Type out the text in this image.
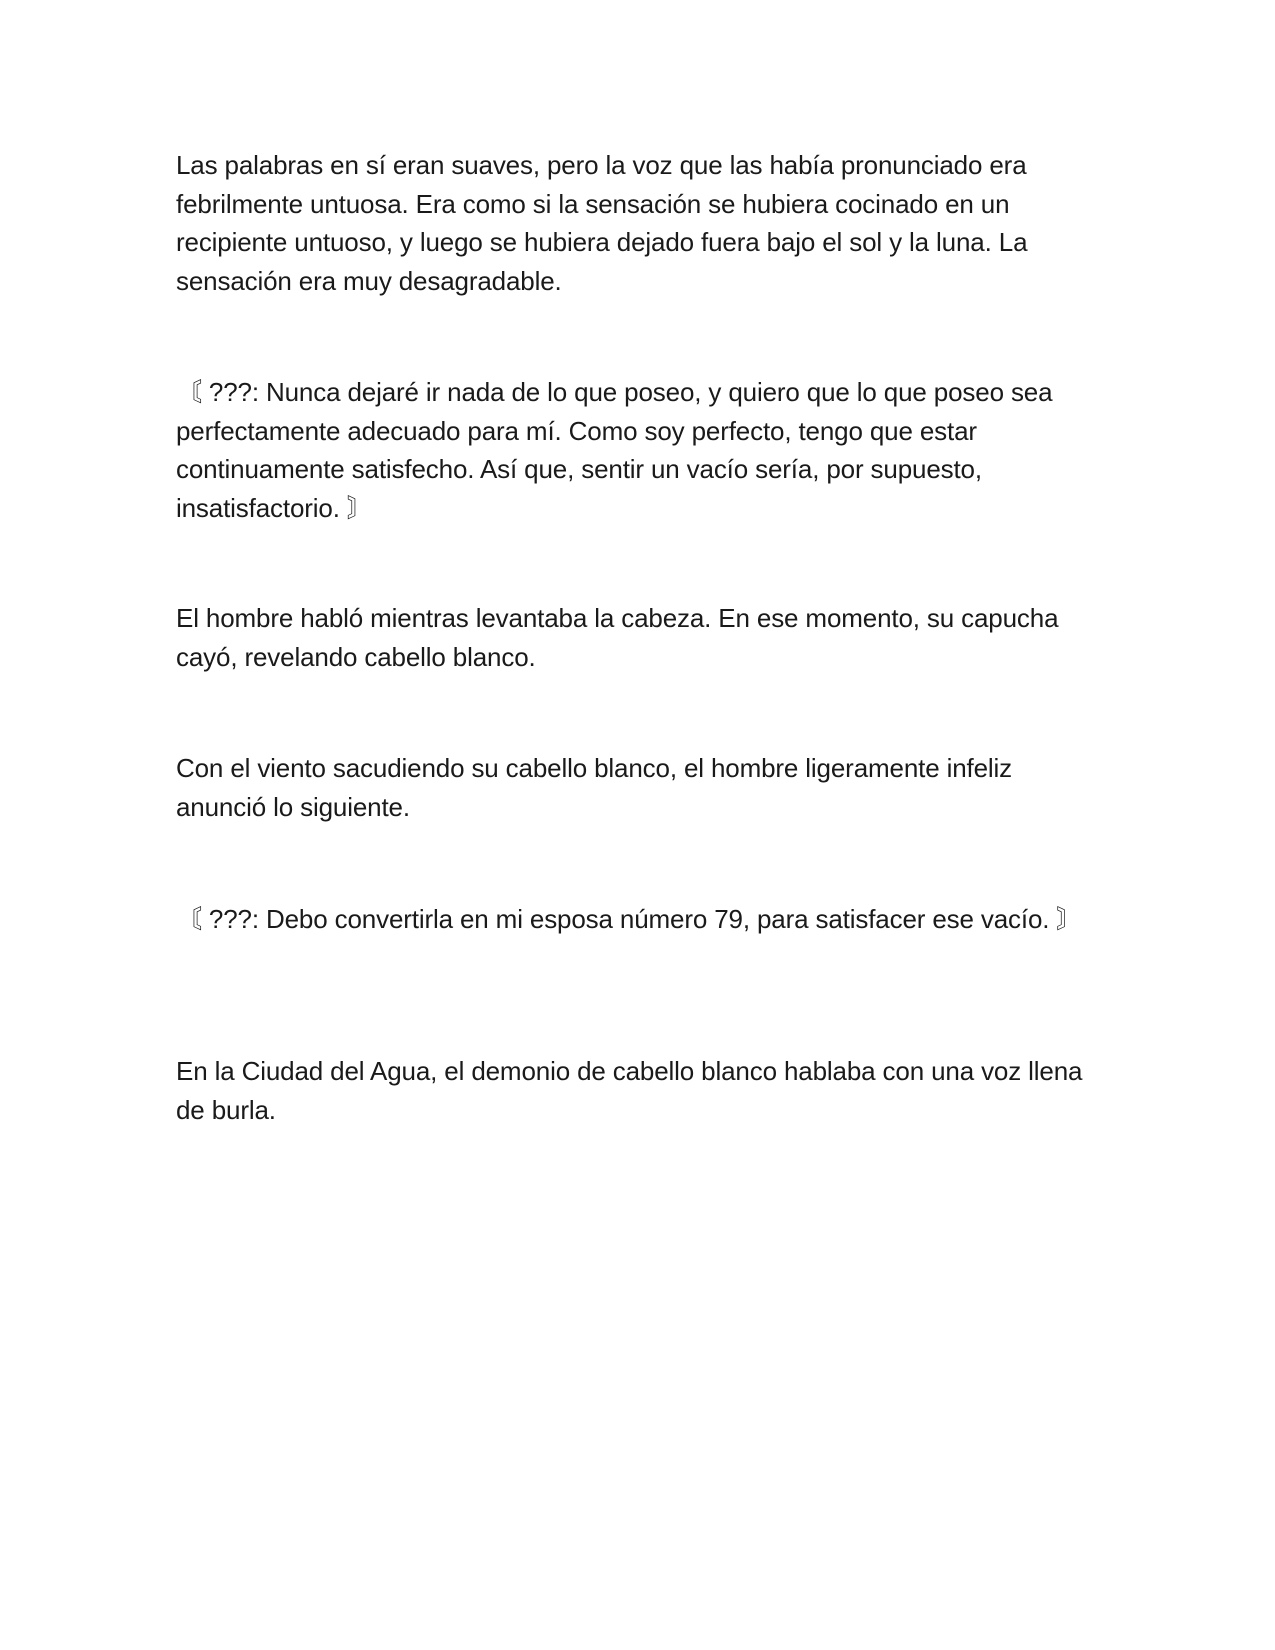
Las palabras en sí eran suaves, pero la voz que las había pronunciado era febrilmente untuosa. Era como si la sensación se hubiera cocinado en un recipiente untuoso, y luego se hubiera dejado fuera bajo el sol y la luna. La sensación era muy desagradable.

〘 ???: Nunca dejaré ir nada de lo que poseo, y quiero que lo que poseo sea perfectamente adecuado para mí. Como soy perfecto, tengo que estar continuamente satisfecho. Así que, sentir un vacío sería, por supuesto, insatisfactorio. 〙

El hombre habló mientras levantaba la cabeza. En ese momento, su capucha cayó, revelando cabello blanco.

Con el viento sacudiendo su cabello blanco, el hombre ligeramente infeliz anunció lo siguiente.

〘 ???: Debo convertirla en mi esposa número 79, para satisfacer ese vacío. 〙

En la Ciudad del Agua, el demonio de cabello blanco hablaba con una voz llena de burla.
